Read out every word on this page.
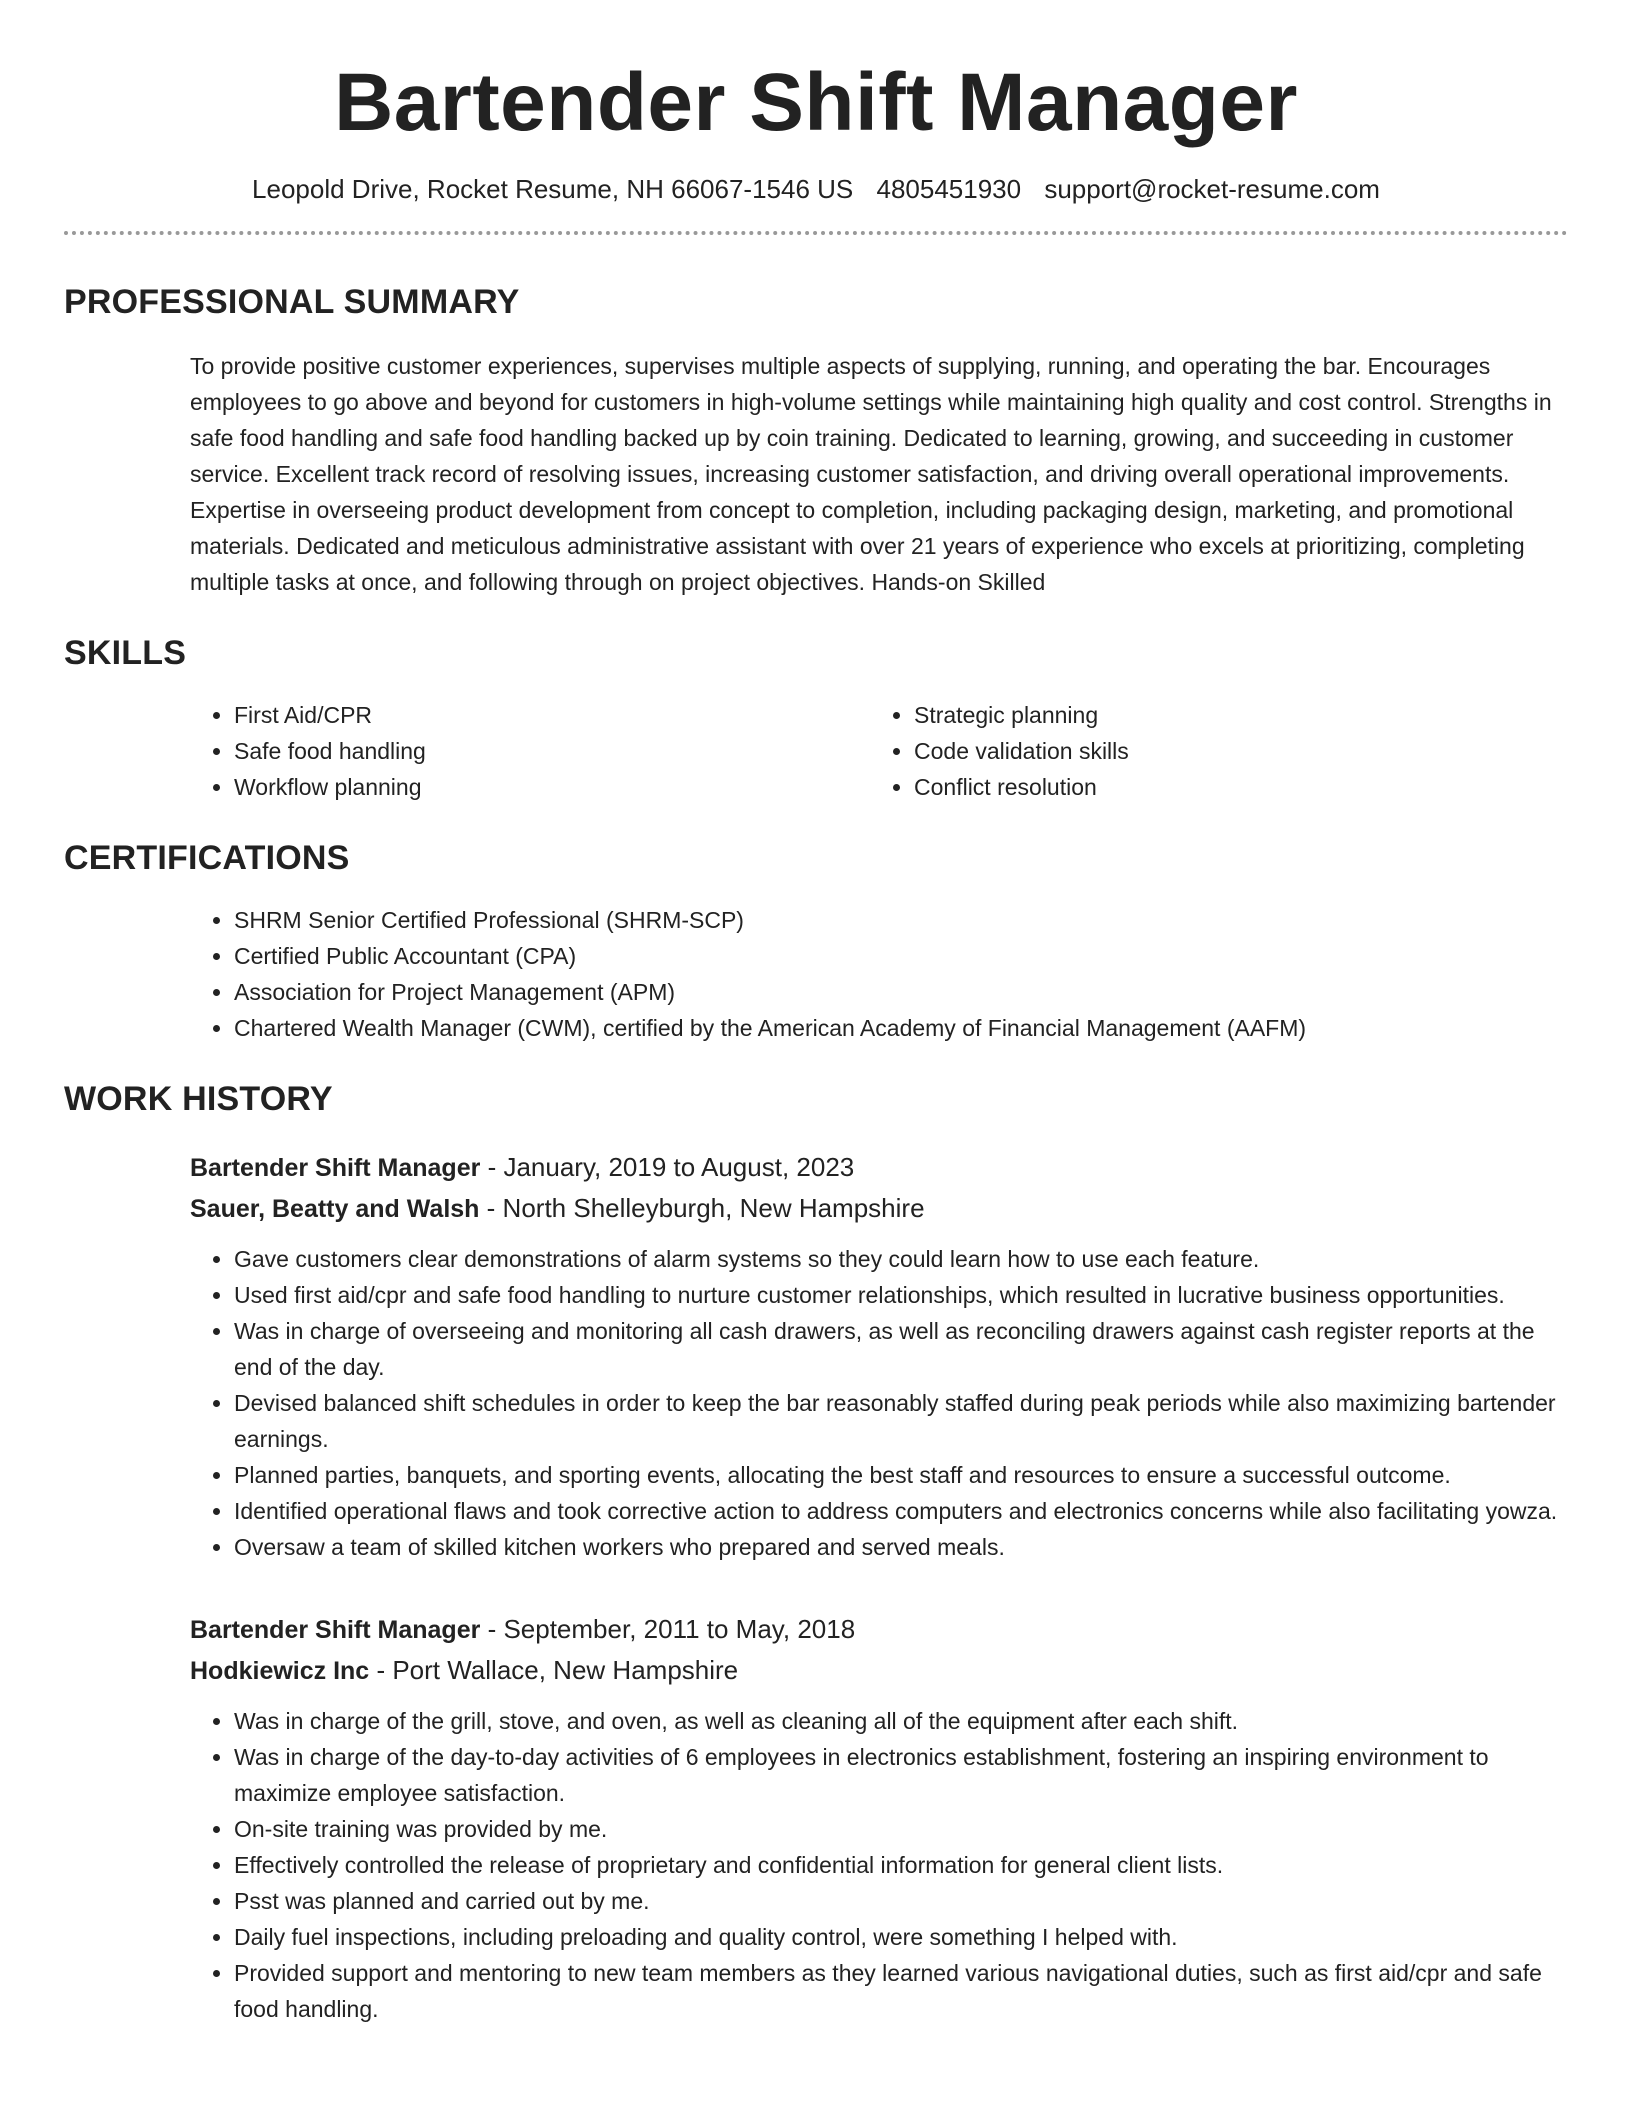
Bartender Shift Manager
Leopold Drive, Rocket Resume, NH 66067-1546 US 4805451930 support@rocket-resume.com
PROFESSIONAL SUMMARY
To provide positive customer experiences, supervises multiple aspects of supplying, running, and operating the bar. Encourages employees to go above and beyond for customers in high-volume settings while maintaining high quality and cost control. Strengths in safe food handling and safe food handling backed up by coin training. Dedicated to learning, growing, and succeeding in customer service. Excellent track record of resolving issues, increasing customer satisfaction, and driving overall operational improvements. Expertise in overseeing product development from concept to completion, including packaging design, marketing, and promotional materials. Dedicated and meticulous administrative assistant with over 21 years of experience who excels at prioritizing, completing multiple tasks at once, and following through on project objectives. Hands-on Skilled
SKILLS
• First Aid/CPR
• Safe food handling
• Workflow planning
• Strategic planning
• Code validation skills
• Conflict resolution
CERTIFICATIONS
• SHRM Senior Certified Professional (SHRM-SCP)
• Certified Public Accountant (CPA)
• Association for Project Management (APM)
• Chartered Wealth Manager (CWM), certified by the American Academy of Financial Management (AAFM)
WORK HISTORY
Bartender Shift Manager - January, 2019 to August, 2023
Sauer, Beatty and Walsh - North Shelleyburgh, New Hampshire
• Gave customers clear demonstrations of alarm systems so they could learn how to use each feature.
• Used first aid/cpr and safe food handling to nurture customer relationships, which resulted in lucrative business opportunities.
• Was in charge of overseeing and monitoring all cash drawers, as well as reconciling drawers against cash register reports at the end of the day.
• Devised balanced shift schedules in order to keep the bar reasonably staffed during peak periods while also maximizing bartender earnings.
• Planned parties, banquets, and sporting events, allocating the best staff and resources to ensure a successful outcome.
• Identified operational flaws and took corrective action to address computers and electronics concerns while also facilitating yowza.
• Oversaw a team of skilled kitchen workers who prepared and served meals.
Bartender Shift Manager - September, 2011 to May, 2018
Hodkiewicz Inc - Port Wallace, New Hampshire
• Was in charge of the grill, stove, and oven, as well as cleaning all of the equipment after each shift.
• Was in charge of the day-to-day activities of 6 employees in electronics establishment, fostering an inspiring environment to maximize employee satisfaction.
• On-site training was provided by me.
• Effectively controlled the release of proprietary and confidential information for general client lists.
• Psst was planned and carried out by me.
• Daily fuel inspections, including preloading and quality control, were something I helped with.
• Provided support and mentoring to new team members as they learned various navigational duties, such as first aid/cpr and safe food handling.
